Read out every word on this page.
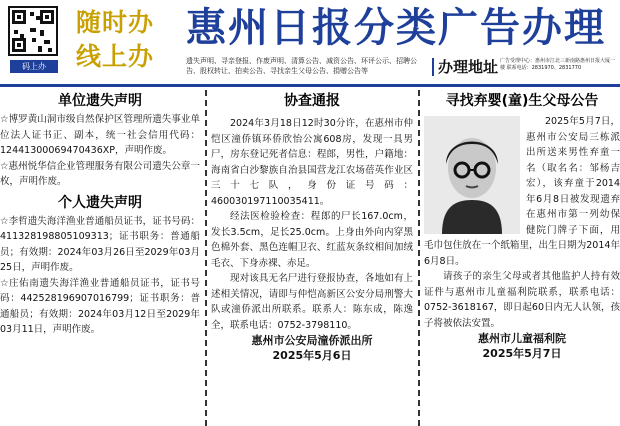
码上办
随时办
线上办
惠州日报分类广告办理
遗失声明、寻亲登报、作废声明、清算公告、减资公告、环评公示、招聘公告、股权转让、拍卖公告、寻找亲生父母公告、捐赠公告等	办理地址 广告受理中心：惠州市江北三新南路惠州日报大厦一楼 联系电话：2831970、2831770
单位遗失声明
☆博罗黄山洞市级自然保护区管理所遗失事业单位法人证书正、副本，统一社会信用代码：12441300069470436XP，声明作废。
☆惠州悦华信企业管理服务有限公司遗失公章一枚，声明作废。
个人遗失声明
☆李哲遗失海洋渔业普通船员证书，证书号码：411328198805109313；证书职务：普通船员；有效期：2024年03月26日至2029年03月25日，声明作废。
☆庄佑南遗失海洋渔业普通船员证书，证书号码：442528196907016799；证书职务：普通船员；有效期：2024年03月12日至2029年03月11日，声明作废。
协查通报
2024年3月18日12时30分许，在惠州市仲恺区潼侨镇环侨欣怡公寓608房，发现一具男尸，房东登记死者信息：程郎，男性，户籍地：海南省白沙黎族自治县国营龙江农场蓓英作业区三十七队，身份证号码：460030197110035411。
经法医检验检查：程郎的尸长167.0cm，发长3.5cm，足长25.0cm。上身由外向内穿黑色棉外套、黑色连帽卫衣、红蓝灰条纹相间加绒毛衣、下身赤裸、赤足。
现对该具无名尸进行登报协查，各地如有上述相关情况，请即与仲恺高新区公安分局刑警大队或潼侨派出所联系。联系人：陈东成，陈逸全，联系电话：0752-3798110。
惠州市公安局潼侨派出所
2025年5月6日
寻找弃婴(童)生父母公告
2025年5月7日，惠州市公安局三栋派出所送来男性弃童一名（取名名：邹杨吉宏），该弃童于2014年6月8日被发现遗弃在惠州市第一列幼保健院门牌子下面，用毛巾包住放在一个纸箱里，出生日期为2014年6月8日。
请孩子的亲生父母或者其他监护人持有效证件与惠州市儿童福利院联系，联系电话：0752-3618167，即日起60日内无人认领，孩子将被依法安置。
惠州市儿童福利院
2025年5月7日
